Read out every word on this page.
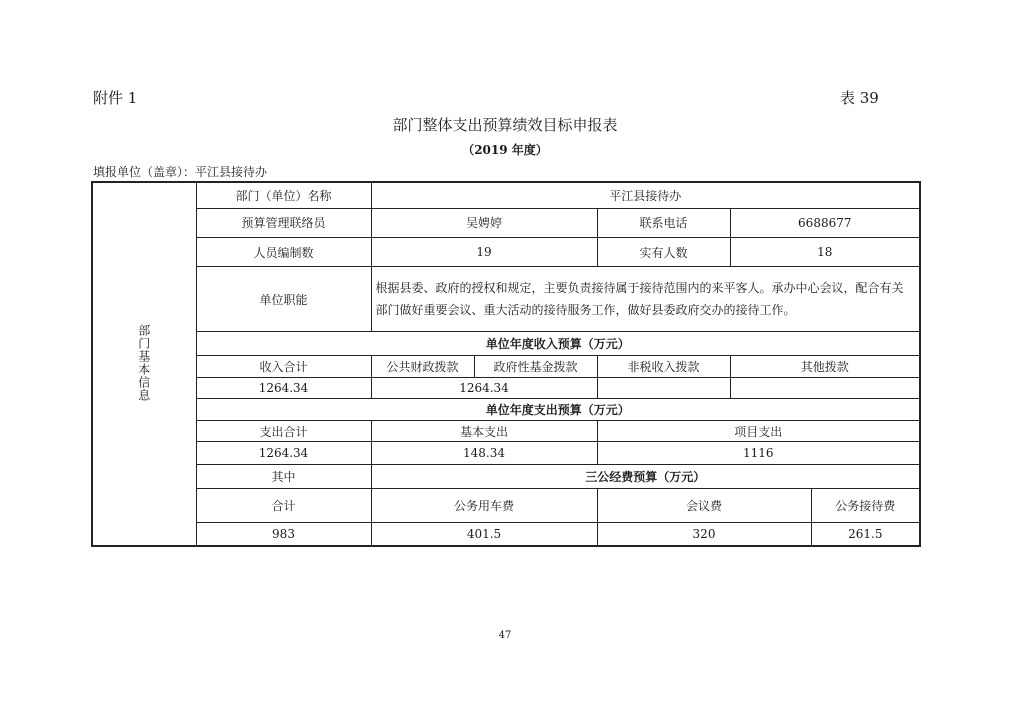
附件 1	表 39
部门整体支出预算绩效目标申报表
（2019 年度）
填报单位（盖章）：平江县接待办
部门基本信息	部门（单位）名称	平江县接待办				
	预算管理联络员	吴娉婷		联系电话	6688677	
	人员编制数	19		实有人数	18	
	单位职能	根据县委、政府的授权和规定，主要负责接待属于接待范围内的来平客人。承办中心会议，配合有关部门做好重要会议、重大活动的接待服务工作，做好县委政府交办的接待工作。				
	单位年度收入预算（万元）					
	收入合计	公共财政拨款	政府性基金拨款	非税收入拨款	其他拨款	
	1264.34	1264.34				
	单位年度支出预算（万元）					
	支出合计	基本支出		项目支出		
	1264.34	148.34		1116		
	其中	三公经费预算（万元）				
	合计	公务用车费		会议费		公务接待费
	983	401.5		320		261.5
47
